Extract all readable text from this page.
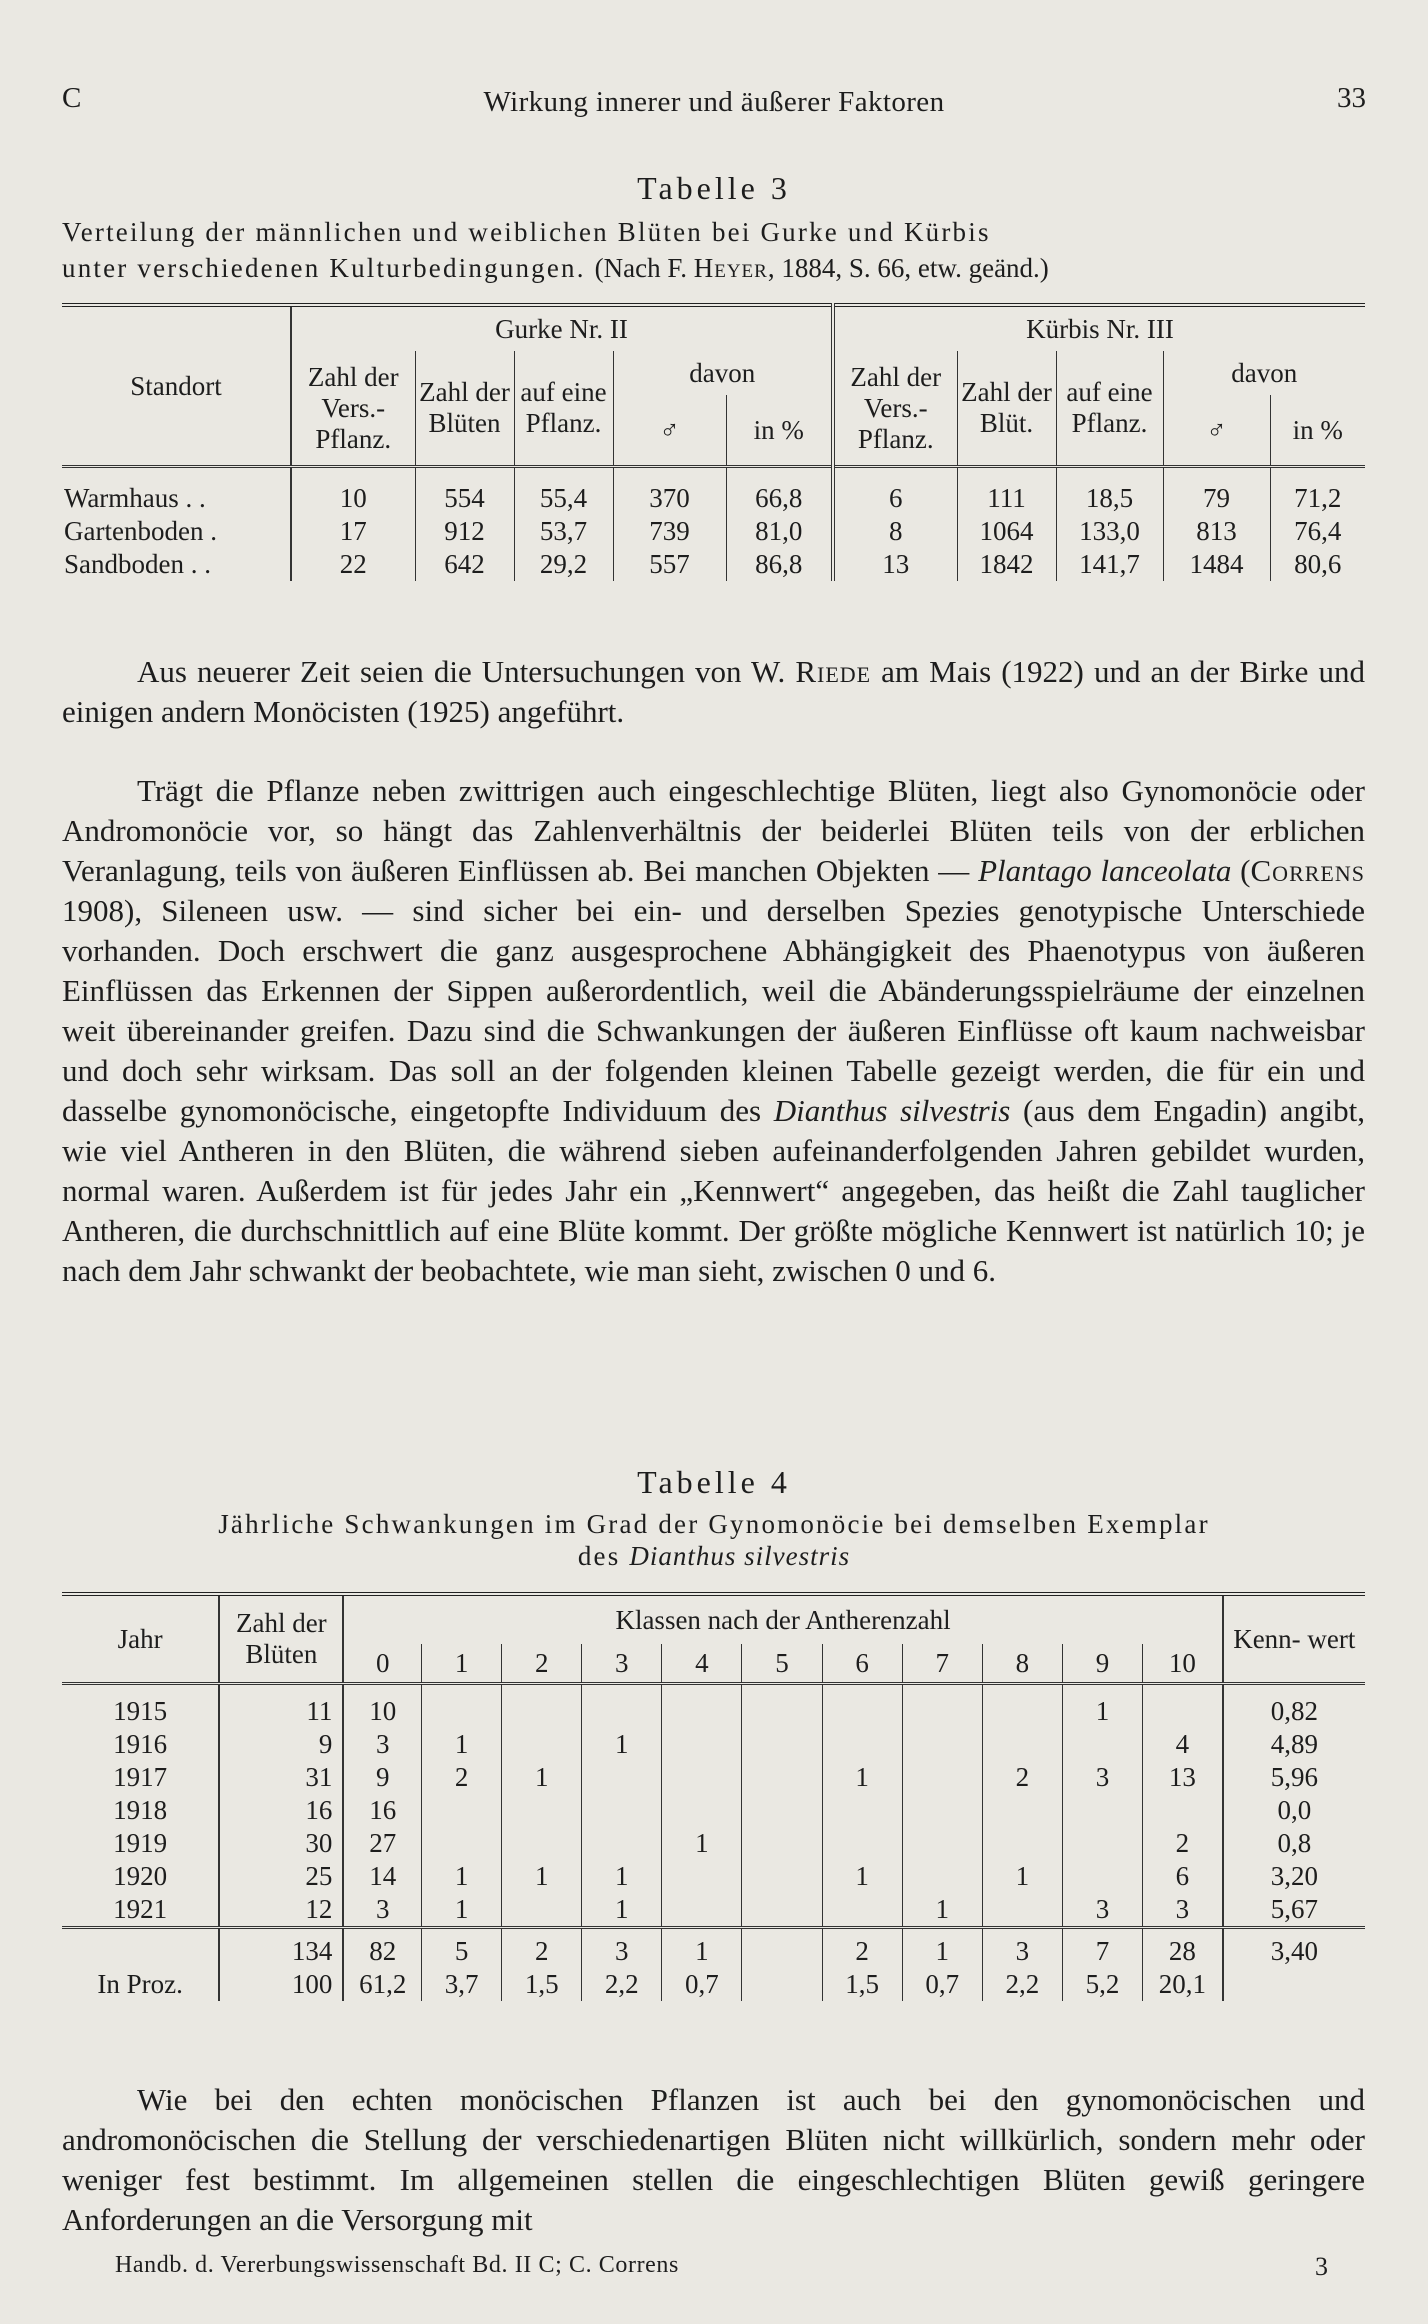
C	Wirkung innerer und äußerer Faktoren	33
Tabelle 3
Verteilung der männlichen und weiblichen Blüten bei Gurke und Kürbis
unter verschiedenen Kulturbedingungen. (Nach F. Heyer, 1884, S. 66, etw. geänd.)
Standort	Gurke Nr. II					Kürbis Nr. III				
	Zahl der Vers.- Pflanz.	Zahl der Blüten	auf eine Pflanz.	davon		Zahl der Vers.- Pflanz.	Zahl der Blüt.	auf eine Pflanz.	davon	
				♂	in %				♂	in %
Warmhaus . .	10	554	55,4	370	66,8	6	111	18,5	79	71,2
Gartenboden .	17	912	53,7	739	81,0	8	1064	133,0	813	76,4
Sandboden . .	22	642	29,2	557	86,8	13	1842	141,7	1484	80,6

Aus neuerer Zeit seien die Untersuchungen von W. Riede am Mais (1922) und an der Birke und einigen andern Monöcisten (1925) angeführt.

Trägt die Pflanze neben zwittrigen auch eingeschlechtige Blüten, liegt also Gynomonöcie oder Andromonöcie vor, so hängt das Zahlenverhältnis der beiderlei Blüten teils von der erblichen Veranlagung, teils von äußeren Einflüssen ab. Bei manchen Objekten — Plantago lanceolata (Correns 1908), Sileneen usw. — sind sicher bei ein- und derselben Spezies genotypische Unterschiede vorhanden. Doch erschwert die ganz ausgesprochene Abhängigkeit des Phaenotypus von äußeren Einflüssen das Erkennen der Sippen außerordentlich, weil die Abänderungsspielräume der einzelnen weit übereinander greifen. Dazu sind die Schwankungen der äußeren Einflüsse oft kaum nachweisbar und doch sehr wirksam. Das soll an der folgenden kleinen Tabelle gezeigt werden, die für ein und dasselbe gynomonöcische, eingetopfte Individuum des Dianthus silvestris (aus dem Engadin) angibt, wie viel Antheren in den Blüten, die während sieben aufeinanderfolgenden Jahren gebildet wurden, normal waren. Außerdem ist für jedes Jahr ein „Kennwert“ angegeben, das heißt die Zahl tauglicher Antheren, die durchschnittlich auf eine Blüte kommt. Der größte mögliche Kennwert ist natürlich 10; je nach dem Jahr schwankt der beobachtete, wie man sieht, zwischen 0 und 6.

Tabelle 4
Jährliche Schwankungen im Grad der Gynomonöcie bei demselben Exemplar
des Dianthus silvestris
Jahr	Zahl der Blüten	Klassen nach der Antherenzahl											Kenn- wert
		0	1	2	3	4	5	6	7	8	9	10	
1915	11	10									1		0,82
1916	9	3	1		1							4	4,89
1917	31	9	2	1				1		2	3	13	5,96
1918	16	16											0,0
1919	30	27				1						2	0,8
1920	25	14	1	1	1			1		1		6	3,20
1921	12	3	1		1				1		3	3	5,67
	134	82	5	2	3	1		2	1	3	7	28	3,40
In Proz.	100	61,2	3,7	1,5	2,2	0,7		1,5	0,7	2,2	5,2	20,1	

Wie bei den echten monöcischen Pflanzen ist auch bei den gynomonöcischen und andromonöcischen die Stellung der verschiedenartigen Blüten nicht willkürlich, sondern mehr oder weniger fest bestimmt. Im allgemeinen stellen die eingeschlechtigen Blüten gewiß geringere Anforderungen an die Versorgung mit

Handb. d. Vererbungswissenschaft Bd. II C; C. Correns	3
